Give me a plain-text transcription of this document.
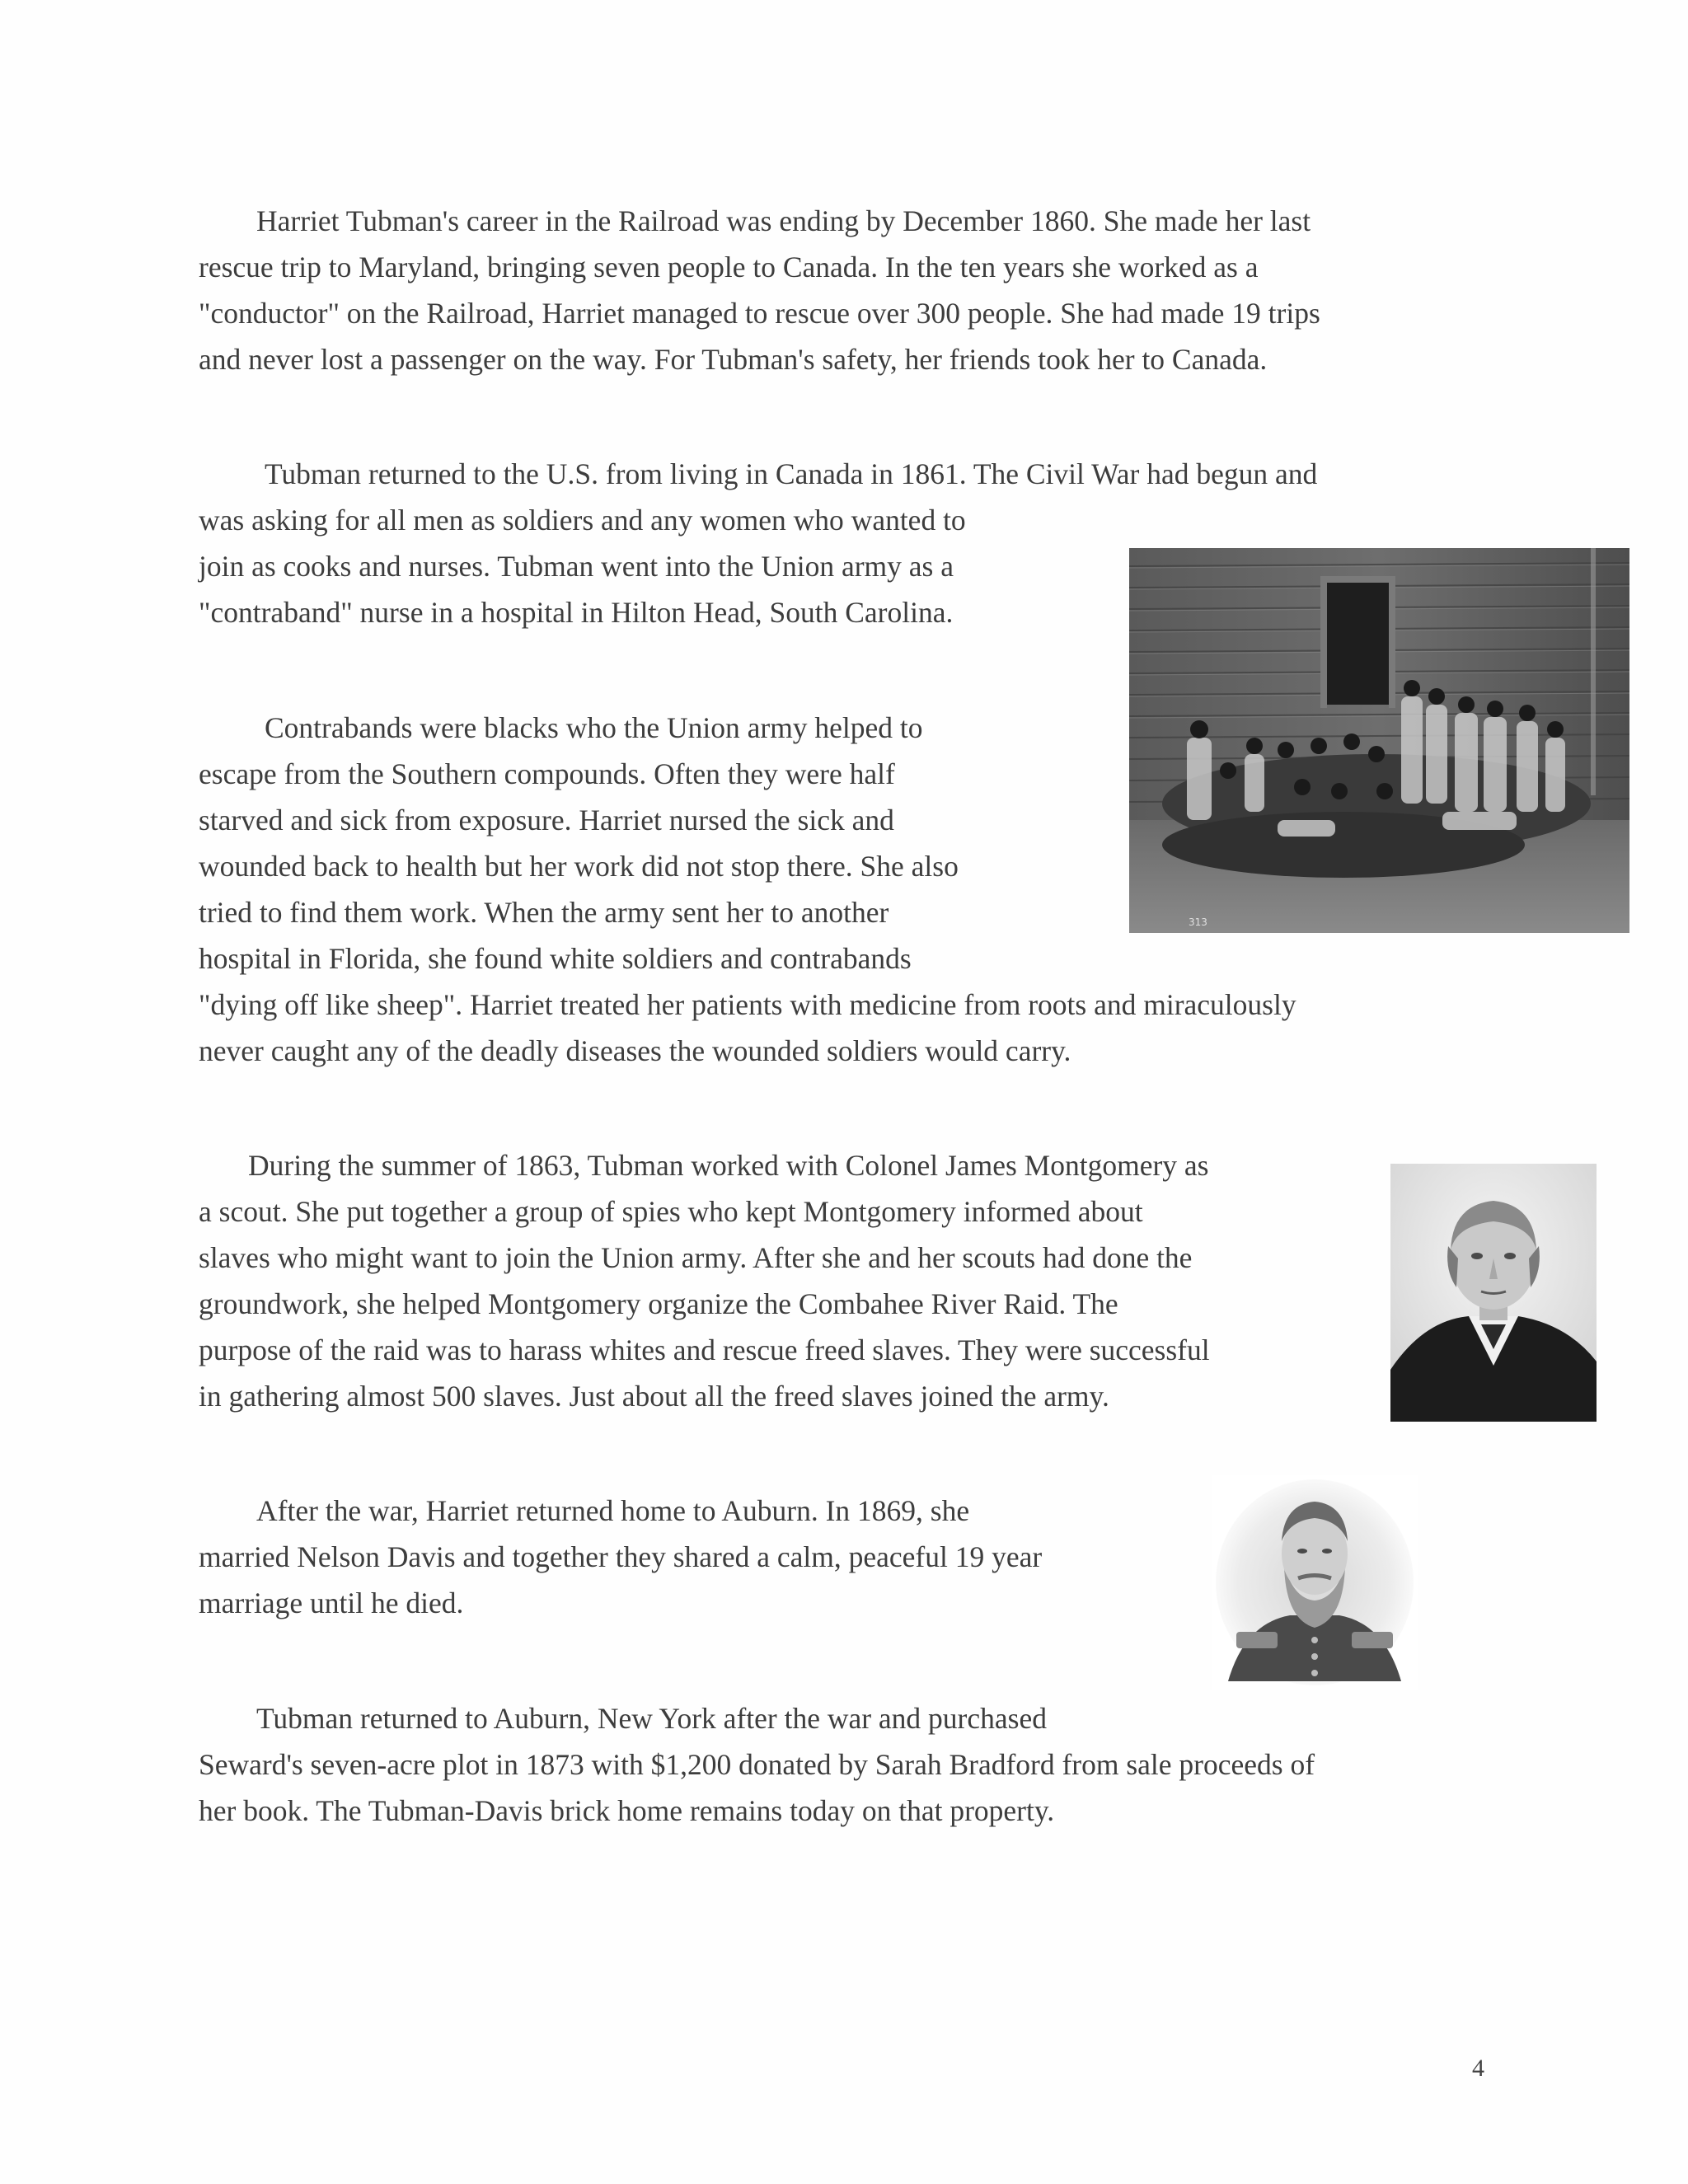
Harriet Tubman's career in the Railroad was ending by December 1860. She made her last
rescue trip to Maryland, bringing seven people to Canada. In the ten years she worked as a
"conductor" on the Railroad, Harriet managed to rescue over 300 people. She had made 19 trips
and never lost a passenger on the way. For Tubman's safety, her friends took her to Canada.
Tubman returned to the U.S. from living in Canada in 1861. The Civil War had begun and
was asking for all men as soldiers and any women who wanted to
join as cooks and nurses. Tubman went into the Union army as a
"contraband" nurse in a hospital in Hilton Head, South Carolina.
Contrabands were blacks who the Union army helped to
escape from the Southern compounds. Often they were half
starved and sick from exposure. Harriet nursed the sick and
wounded back to health but her work did not stop there. She also
tried to find them work. When the army sent her to another
hospital in Florida, she found white soldiers and contrabands
"dying off like sheep". Harriet treated her patients with medicine from roots and miraculously
never caught any of the deadly diseases the wounded soldiers would carry.
During the summer of 1863, Tubman worked with Colonel James Montgomery as
a scout. She put together a group of spies who kept Montgomery informed about
slaves who might want to join the Union army. After she and her scouts had done the
groundwork, she helped Montgomery organize the Combahee River Raid. The
purpose of the raid was to harass whites and rescue freed slaves. They were successful
in gathering almost 500 slaves. Just about all the freed slaves joined the army.
After the war, Harriet returned home to Auburn. In 1869, she
married Nelson Davis and together they shared a calm, peaceful 19 year
marriage until he died.
Tubman returned to Auburn, New York after the war and purchased
Seward's seven-acre plot in 1873 with $1,200 donated by Sarah Bradford from sale proceeds of
her book. The Tubman-Davis brick home remains today on that property.
313
4
